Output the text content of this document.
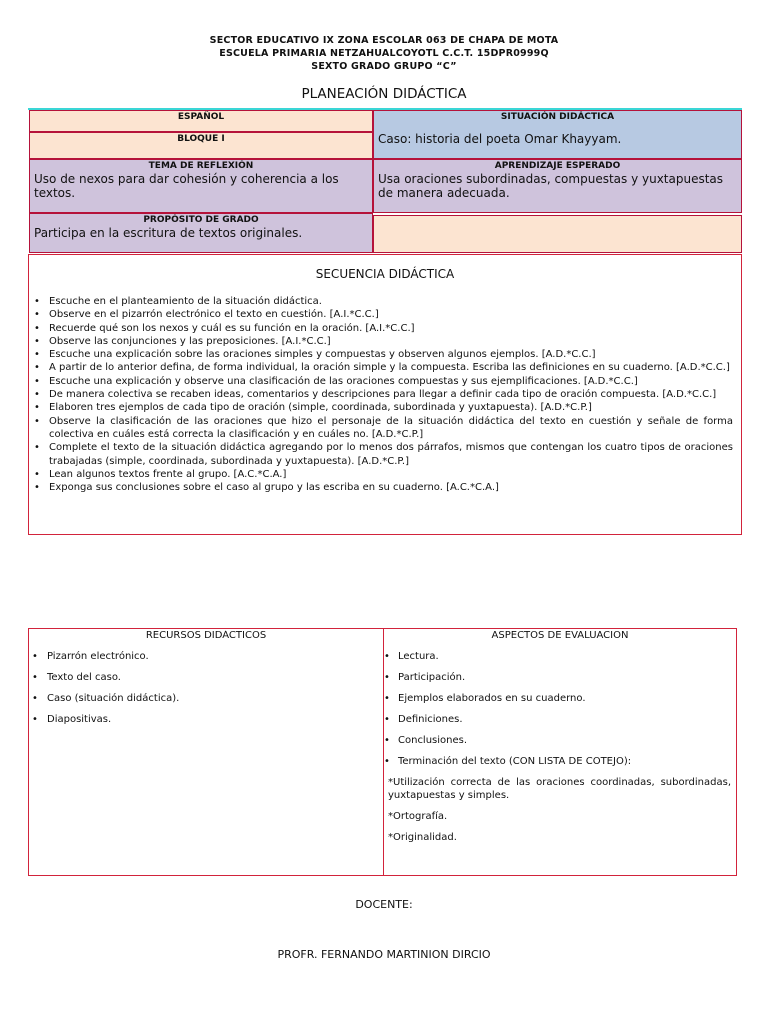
SECTOR EDUCATIVO IX ZONA ESCOLAR 063 DE CHAPA DE MOTA
ESCUELA PRIMARIA NETZAHUALCOYOTL C.C.T. 15DPR0999Q
SEXTO GRADO GRUPO “C”
PLANEACIÓN DIDÁCTICA
ESPAÑOL
BLOQUE I
TEMA DE REFLEXIÓN
Uso de nexos para dar cohesión y coherencia a los textos.
PROPÓSITO DE GRADO
Participa en la escritura de textos originales.
SITUACIÓN DIDÁCTICA
Caso: historia del poeta Omar Khayyam.
APRENDIZAJE ESPERADO
Usa oraciones subordinadas, compuestas y yuxtapuestas de manera adecuada.
SECUENCIA DIDÁCTICA
• Escuche en el planteamiento de la situación didáctica.
• Observe en el pizarrón electrónico el texto en cuestión. [A.I.*C.C.]
• Recuerde qué son los nexos y cuál es su función en la oración. [A.I.*C.C.]
• Observe las conjunciones y las preposiciones. [A.I.*C.C.]
• Escuche una explicación sobre las oraciones simples y compuestas y observen algunos ejemplos. [A.D.*C.C.]
• A partir de lo anterior defina, de forma individual, la oración simple y la compuesta. Escriba las definiciones en su cuaderno. [A.D.*C.C.]
• Escuche una explicación y observe una clasificación de las oraciones compuestas y sus ejemplificaciones. [A.D.*C.C.]
• De manera colectiva se recaben ideas, comentarios y descripciones para llegar a definir cada tipo de oración compuesta. [A.D.*C.C.]
• Elaboren tres ejemplos de cada tipo de oración (simple, coordinada, subordinada y yuxtapuesta). [A.D.*C.P.]
• Observe la clasificación de las oraciones que hizo el personaje de la situación didáctica del texto en cuestión y señale de forma colectiva en cuáles está correcta la clasificación y en cuáles no. [A.D.*C.P.]
• Complete el texto de la situación didáctica agregando por lo menos dos párrafos, mismos que contengan los cuatro tipos de oraciones trabajadas (simple, coordinada, subordinada y yuxtapuesta). [A.D.*C.P.]
• Lean algunos textos frente al grupo. [A.C.*C.A.]
• Exponga sus conclusiones sobre el caso al grupo y las escriba en su cuaderno. [A.C.*C.A.]
RECURSOS DIDÁCTICOS
• Pizarrón electrónico.
• Texto del caso.
• Caso (situación didáctica).
• Diapositivas.
ASPECTOS DE EVALUACIÓN
• Lectura.
• Participación.
• Ejemplos elaborados en su cuaderno.
• Definiciones.
• Conclusiones.
• Terminación del texto (CON LISTA DE COTEJO):
*Utilización correcta de las oraciones coordinadas, subordinadas, yuxtapuestas y simples.
*Ortografía.
*Originalidad.
DOCENTE:
PROFR. FERNANDO MARTINION DIRCIO
